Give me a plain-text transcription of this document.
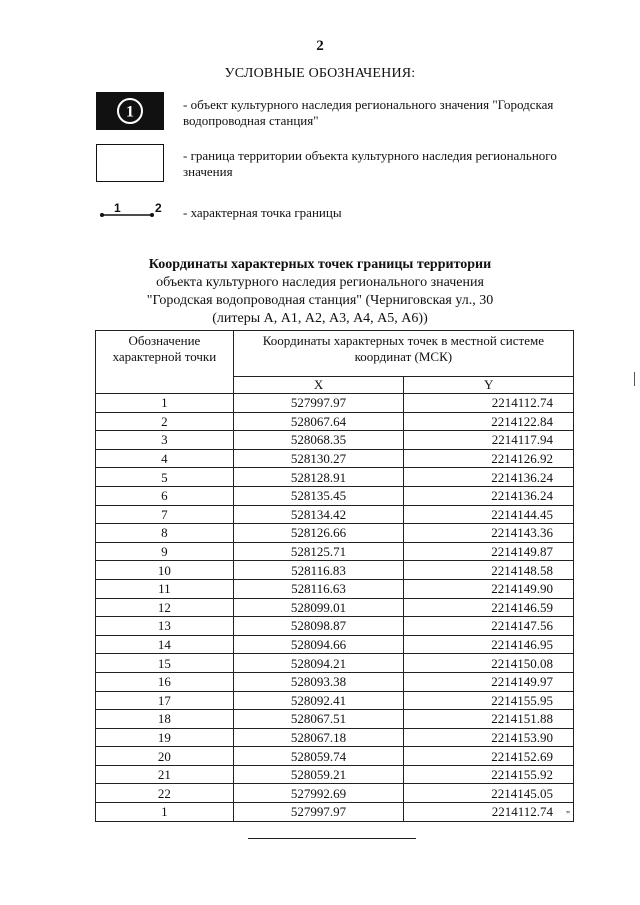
2
УСЛОВНЫЕ ОБОЗНАЧЕНИЯ:
1	- объект культурного наследия регионального значения "Городская водопроводная станция"
- граница территории объекта культурного наследия регионального значения
1	2 - характерная точка границы
Координаты характерных точек границы территории
объекта культурного наследия регионального значения
"Городская водопроводная станция" (Черниговская ул., 30
(литеры А, А1, А2, А3, А4, А5, А6))
Обозначение характерной точки	Координаты характерных точек в местной системе координат (МСК)	
	X	Y
1	527997.97	2214112.74
2	528067.64	2214122.84
3	528068.35	2214117.94
4	528130.27	2214126.92
5	528128.91	2214136.24
6	528135.45	2214136.24
7	528134.42	2214144.45
8	528126.66	2214143.36
9	528125.71	2214149.87
10	528116.83	2214148.58
11	528116.63	2214149.90
12	528099.01	2214146.59
13	528098.87	2214147.56
14	528094.66	2214146.95
15	528094.21	2214150.08
16	528093.38	2214149.97
17	528092.41	2214155.95
18	528067.51	2214151.88
19	528067.18	2214153.90
20	528059.74	2214152.69
21	528059.21	2214155.92
22	527992.69	2214145.05
1	527997.97	2214112.74 "
